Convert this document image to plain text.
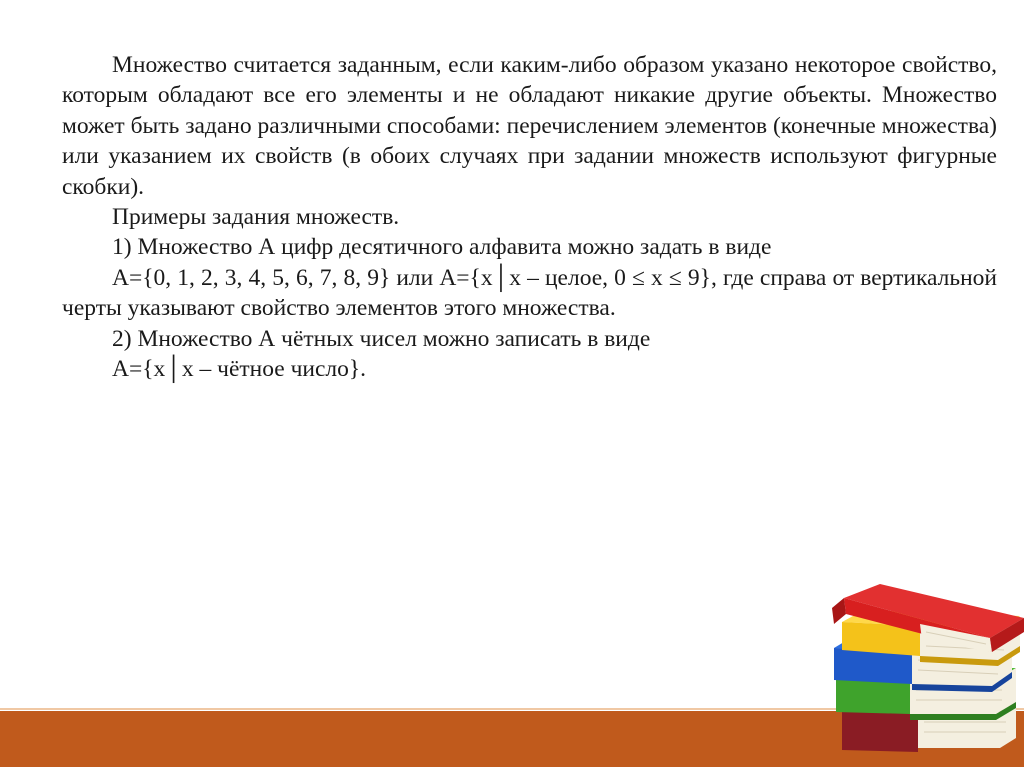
Множество считается заданным, если каким-либо образом указано некоторое свойство, которым обладают все его элементы и не обладают никакие другие объекты. Множество может быть задано различными способами: перечислением элементов (конечные множества) или указанием их свойств (в обоих случаях при задании множеств используют фигурные скобки).

Примеры задания множеств.

1) Множество А цифр десятичного алфавита можно задать в виде

А={0, 1, 2, 3, 4, 5, 6, 7, 8, 9} или А={х│х – целое, 0 ≤ х ≤ 9}, где справа от вертикальной черты указывают свойство элементов этого множества.

2) Множество А чётных чисел можно записать в виде

А={х│х – чётное число}.
